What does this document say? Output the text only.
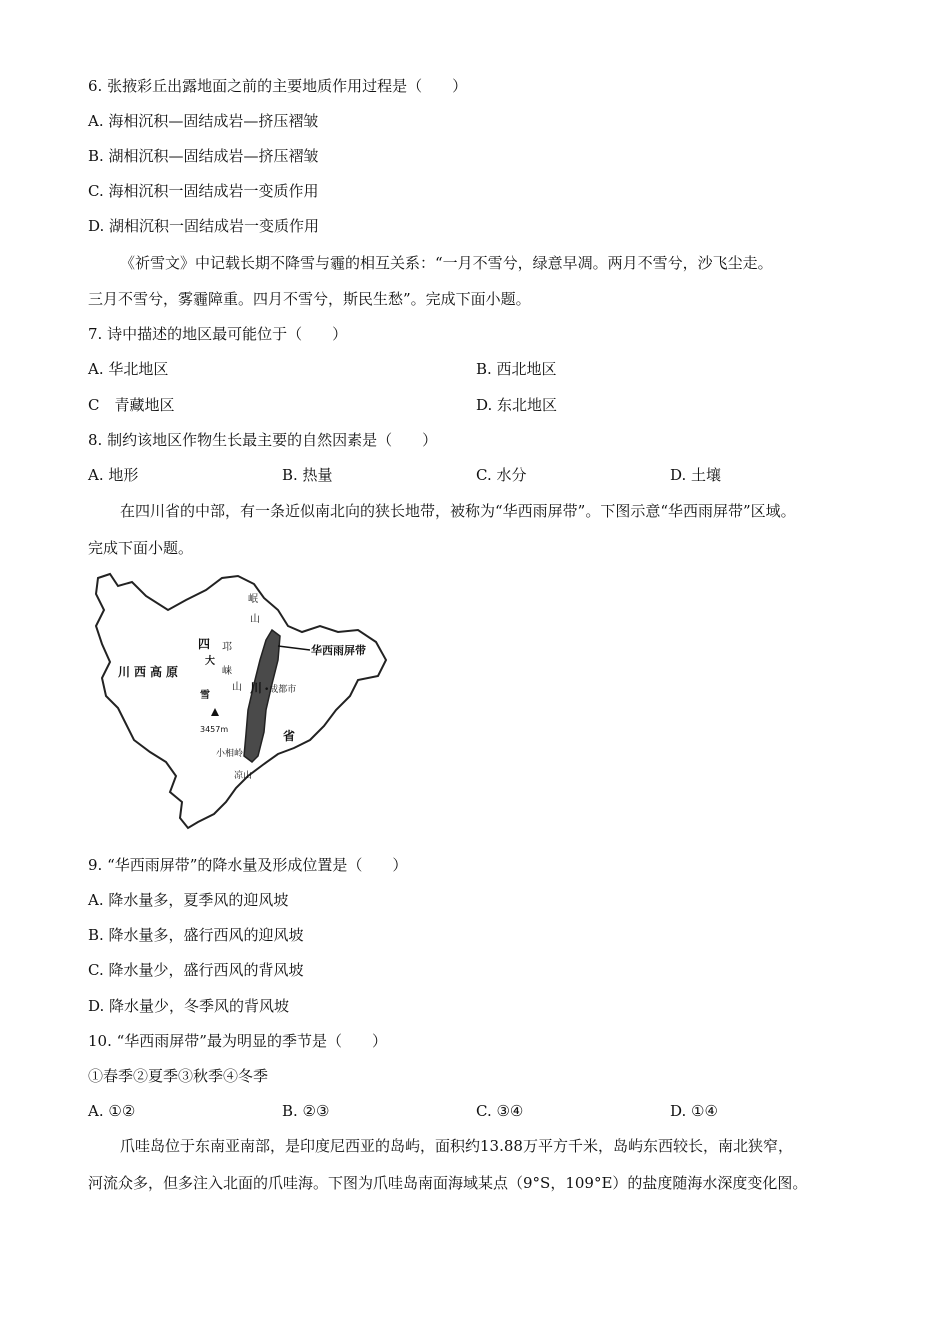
6. 张掖彩丘出露地面之前的主要地质作用过程是（　　）
A. 海相沉积—固结成岩—挤压褶皱
B. 湖相沉积—固结成岩—挤压褶皱
C. 海相沉积一固结成岩一变质作用
D. 湖相沉积一固结成岩一变质作用
《祈雪文》中记载长期不降雪与霾的相互关系：“一月不雪兮，绿意早凋。两月不雪兮，沙飞尘走。
三月不雪兮，雾霾障重。四月不雪兮，斯民生愁”。完成下面小题。
7. 诗中描述的地区最可能位于（　　）
A. 华北地区	B. 西北地区
C　青藏地区	D. 东北地区
8. 制约该地区作物生长最主要的自然因素是（　　）
A. 地形	B. 热量	C. 水分	D. 土壤
在四川省的中部，有一条近似南北向的狭长地带，被称为“华西雨屏带”。下图示意“华西雨屏带”区域。
完成下面小题。
华西雨屏带
•成都市
四
川
省
川西高原
岷
山
邛
崃
山
大
雪
3457m
小相岭
凉山
9. “华西雨屏带”的降水量及形成位置是（　　）
A. 降水量多，夏季风的迎风坡
B. 降水量多，盛行西风的迎风坡
C. 降水量少，盛行西风的背风坡
D. 降水量少，冬季风的背风坡
10. “华西雨屏带”最为明显的季节是（　　）
①春季②夏季③秋季④冬季
A. ①②	B. ②③	C. ③④	D. ①④
爪哇岛位于东南亚南部，是印度尼西亚的岛屿，面积约13.88万平方千米，岛屿东西较长，南北狭窄，
河流众多，但多注入北面的爪哇海。下图为爪哇岛南面海域某点（9°S，109°E）的盐度随海水深度变化图。
